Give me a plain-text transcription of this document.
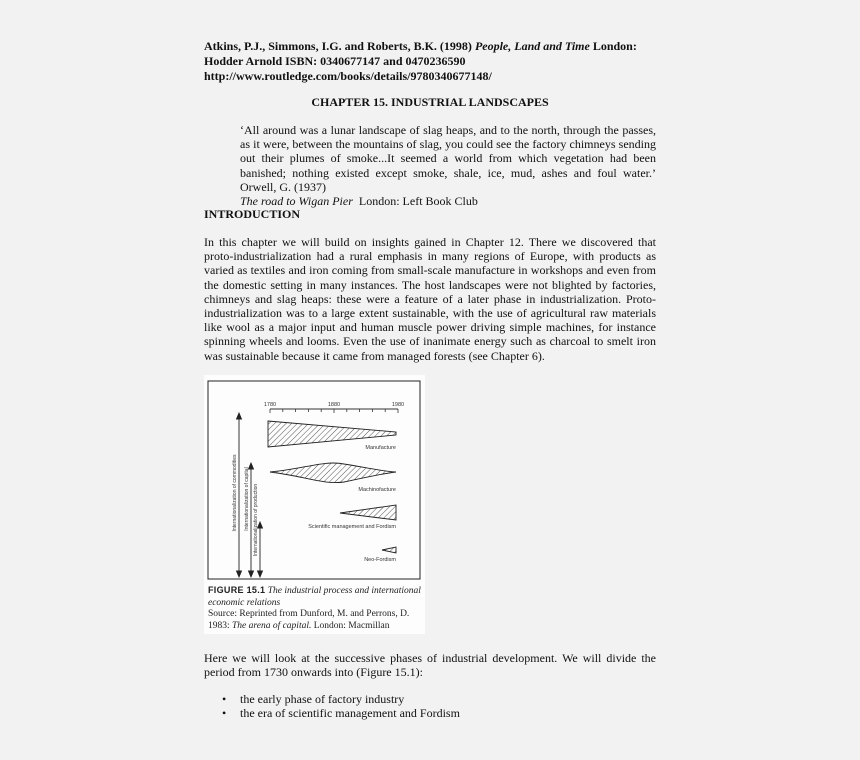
Atkins, P.J., Simmons, I.G. and Roberts, B.K. (1998) People, Land and Time London:
Hodder Arnold ISBN: 0340677147 and 0470236590
http://www.routledge.com/books/details/9780340677148/
CHAPTER 15. INDUSTRIAL LANDSCAPES
‘All around was a lunar landscape of slag heaps, and to the north, through the passes, as it were, between the mountains of slag, you could see the factory chimneys sending out their plumes of smoke...It seemed a world from which vegetation had been banished; nothing existed except smoke, shale, ice, mud, ashes and foul water.’ Orwell, G. (1937)
The road to Wigan Pier London: Left Book Club
INTRODUCTION
In this chapter we will build on insights gained in Chapter 12. There we discovered that proto-industrialization had a rural emphasis in many regions of Europe, with products as varied as textiles and iron coming from small-scale manufacture in workshops and even from the domestic setting in many instances. The host landscapes were not blighted by factories, chimneys and slag heaps: these were a feature of a later phase in industrialization. Proto-industrialization was to a large extent sustainable, with the use of agricultural raw materials like wool as a major input and human muscle power driving simple machines, for instance spinning wheels and looms. Even the use of inanimate energy such as charcoal to smelt iron was sustainable because it came from managed forests (see Chapter 6).
1780	1880	1980
Internationalization of commodities Internationalization of capital Internationalization of production
Manufacture
Machinofacture
Scientific management and Fordism
Neo-Fordism
FIGURE 15.1 The industrial process and international economic relations
Source: Reprinted from Dunford, M. and Perrons, D. 1983: The arena of capital. London: Macmillan
Here we will look at the successive phases of industrial development. We will divide the period from 1730 onwards into (Figure 15.1):
• the early phase of factory industry
• the era of scientific management and Fordism
